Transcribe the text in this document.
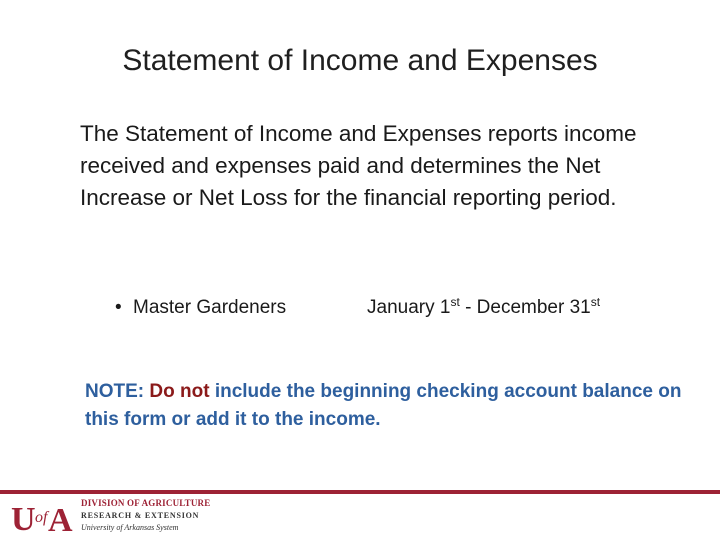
Statement of Income and Expenses
The Statement of Income and Expenses reports income received and expenses paid and determines the Net Increase or Net Loss for the financial reporting period.
• Master Gardeners	January 1st - December 31st
NOTE: Do not include the beginning checking account balance on this form or add it to the income.
U of A DIVISION OF AGRICULTURE
RESEARCH & EXTENSION
University of Arkansas System
